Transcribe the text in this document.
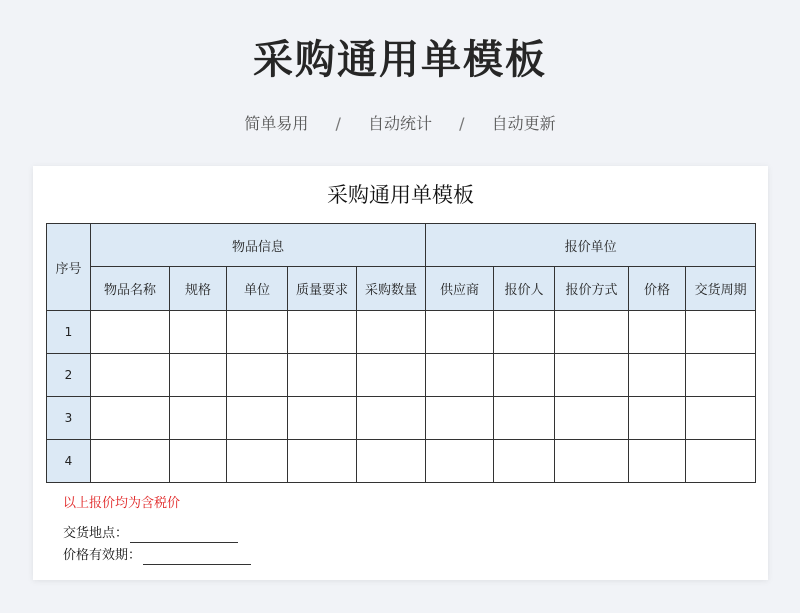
采购通用单模板
简单易用 / 自动统计 / 自动更新
采购通用单模板
序号	物品信息					报价单位				
	物品名称	规格	单位	质量要求	采购数量	供应商	报价人	报价方式	价格	交货周期
1										
2										
3										
4										
以上报价均为含税价
交货地点：
价格有效期：
